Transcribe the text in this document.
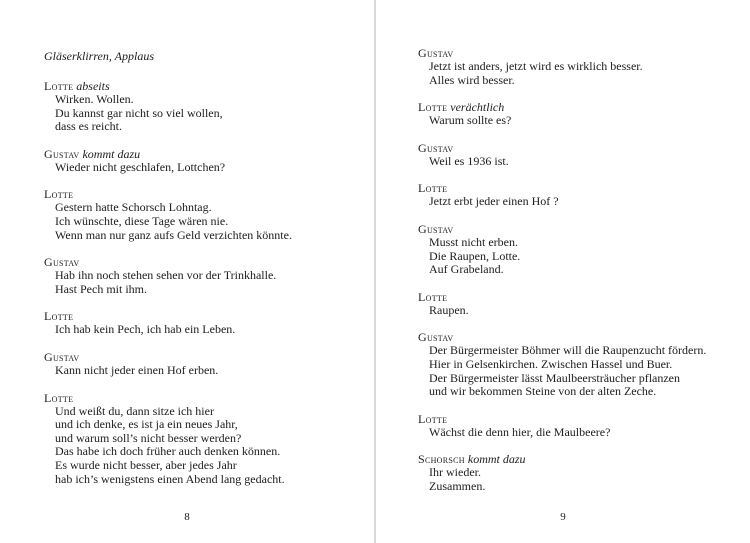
Gläserklirren, Applaus
Lotte abseits
Wirken. Wollen.
Du kannst gar nicht so viel wollen,
dass es reicht.
Gustav kommt dazu
Wieder nicht geschlafen, Lottchen?
Lotte
Gestern hatte Schorsch Lohntag.
Ich wünschte, diese Tage wären nie.
Wenn man nur ganz aufs Geld verzichten könnte.
Gustav
Hab ihn noch stehen sehen vor der Trinkhalle.
Hast Pech mit ihm.
Lotte
Ich hab kein Pech, ich hab ein Leben.
Gustav
Kann nicht jeder einen Hof erben.
Lotte
Und weißt du, dann sitze ich hier
und ich denke, es ist ja ein neues Jahr,
und warum soll’s nicht besser werden?
Das habe ich doch früher auch denken können.
Es wurde nicht besser, aber jedes Jahr
hab ich’s wenigstens einen Abend lang gedacht.
8
Gustav
Jetzt ist anders, jetzt wird es wirklich besser.
Alles wird besser.
Lotte verächtlich
Warum sollte es?
Gustav
Weil es 1936 ist.
Lotte
Jetzt erbt jeder einen Hof ?
Gustav
Musst nicht erben.
Die Raupen, Lotte.
Auf Grabeland.
Lotte
Raupen.
Gustav
Der Bürgermeister Böhmer will die Raupenzucht fördern.
Hier in Gelsenkirchen. Zwischen Hassel und Buer.
Der Bürgermeister lässt Maulbeersträucher pflanzen
und wir bekommen Steine von der alten Zeche.
Lotte
Wächst die denn hier, die Maulbeere?
Schorsch kommt dazu
Ihr wieder.
Zusammen.
9
